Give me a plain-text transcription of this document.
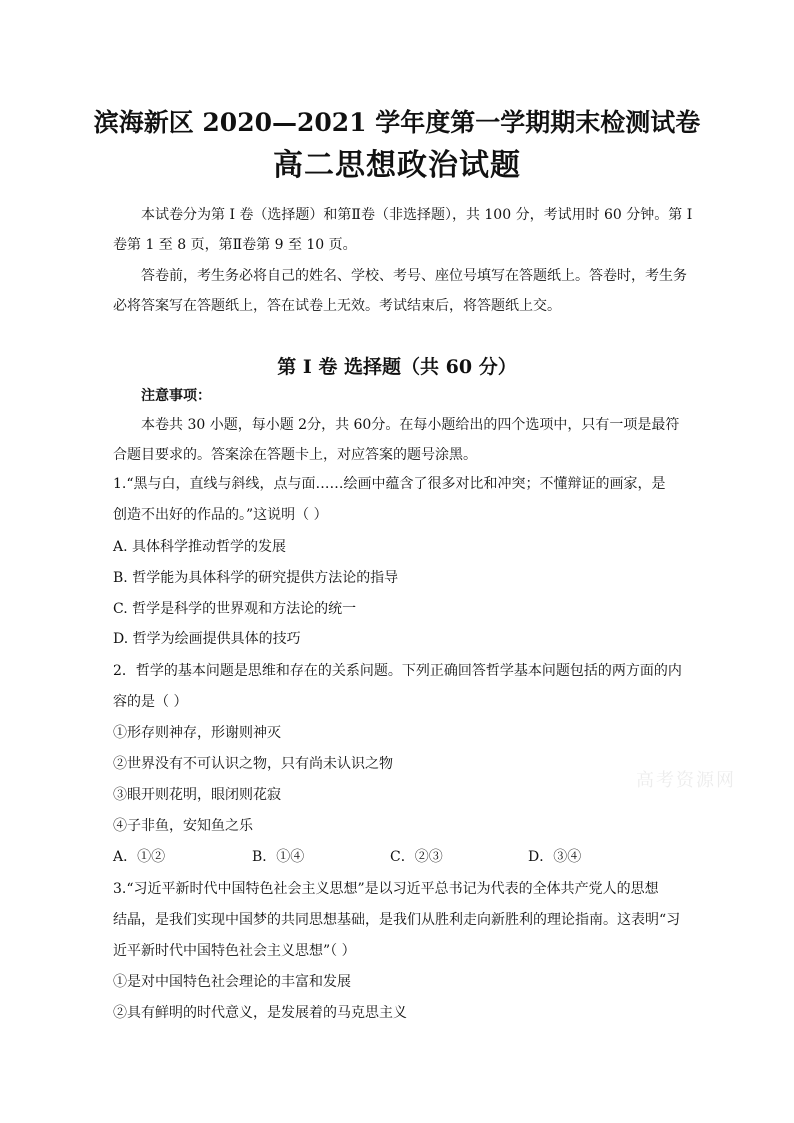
滨海新区 2020—2021 学年度第一学期期末检测试卷
高二思想政治试题
本试卷分为第 I 卷（选择题）和第Ⅱ卷（非选择题），共 100 分，考试用时 60 分钟。第 I
卷第 1 至 8 页，第Ⅱ卷第 9 至 10 页。
答卷前，考生务必将自己的姓名、学校、考号、座位号填写在答题纸上。答卷时，考生务
必将答案写在答题纸上，答在试卷上无效。考试结束后，将答题纸上交。
第 I 卷 选择题（共 60 分）
注意事项：
本卷共 30 小题，每小题 2分，共 60分。在每小题给出的四个选项中，只有一项是最符
合题目要求的。答案涂在答题卡上，对应答案的题号涂黑。
1.“黑与白，直线与斜线，点与面……绘画中蕴含了很多对比和冲突；不懂辩证的画家，是
创造不出好的作品的。”这说明（ ）
A. 具体科学推动哲学的发展
B. 哲学能为具体科学的研究提供方法论的指导
C. 哲学是科学的世界观和方法论的统一
D. 哲学为绘画提供具体的技巧
2．哲学的基本问题是思维和存在的关系问题。下列正确回答哲学基本问题包括的两方面的内
容的是（ ）
①形存则神存，形谢则神灭
②世界没有不可认识之物，只有尚未认识之物
③眼开则花明，眼闭则花寂
④子非鱼，安知鱼之乐
A．①②	B．①④	C．②③	D．③④
3.“习近平新时代中国特色社会主义思想”是以习近平总书记为代表的全体共产党人的思想
结晶，是我们实现中国梦的共同思想基础，是我们从胜利走向新胜利的理论指南。这表明“习
近平新时代中国特色社会主义思想”（ ）
①是对中国特色社会理论的丰富和发展
②具有鲜明的时代意义，是发展着的马克思主义
高考资源网
